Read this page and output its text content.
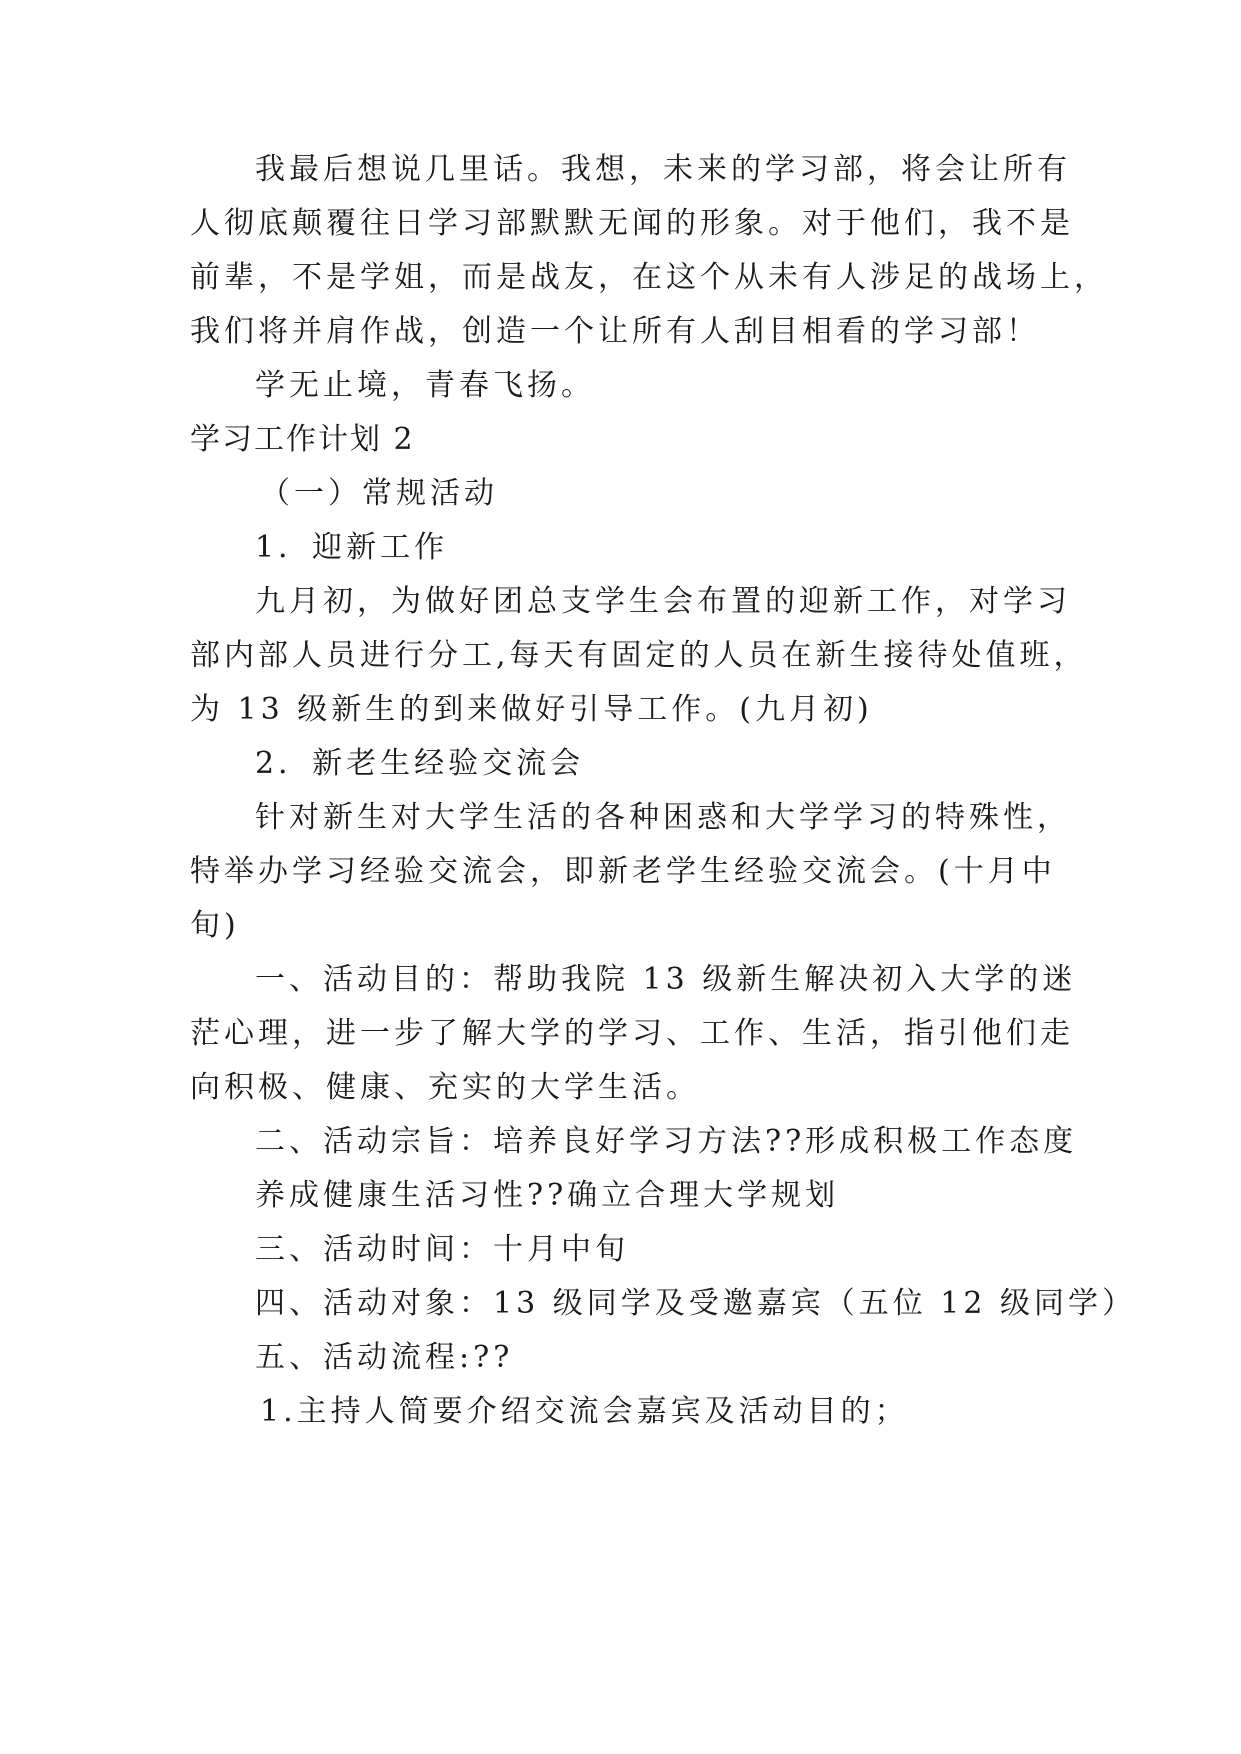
我最后想说几里话。我想，未来的学习部，将会让所有
人彻底颠覆往日学习部默默无闻的形象。对于他们，我不是
前辈，不是学姐，而是战友，在这个从未有人涉足的战场上，
我们将并肩作战，创造一个让所有人刮目相看的学习部！
学无止境，青春飞扬。
学习工作计划 2
（一）常规活动
1．迎新工作
九月初，为做好团总支学生会布置的迎新工作，对学习
部内部人员进行分工,每天有固定的人员在新生接待处值班，
为 13 级新生的到来做好引导工作。(九月初)
2．新老生经验交流会
针对新生对大学生活的各种困惑和大学学习的特殊性，
特举办学习经验交流会，即新老学生经验交流会。(十月中
旬)
一、活动目的：帮助我院 13 级新生解决初入大学的迷
茫心理，进一步了解大学的学习、工作、生活，指引他们走
向积极、健康、充实的大学生活。
二、活动宗旨：培养良好学习方法??形成积极工作态度
养成健康生活习性??确立合理大学规划
三、活动时间：十月中旬
四、活动对象：13 级同学及受邀嘉宾（五位 12 级同学）
五、活动流程:??
1.主持人简要介绍交流会嘉宾及活动目的；
